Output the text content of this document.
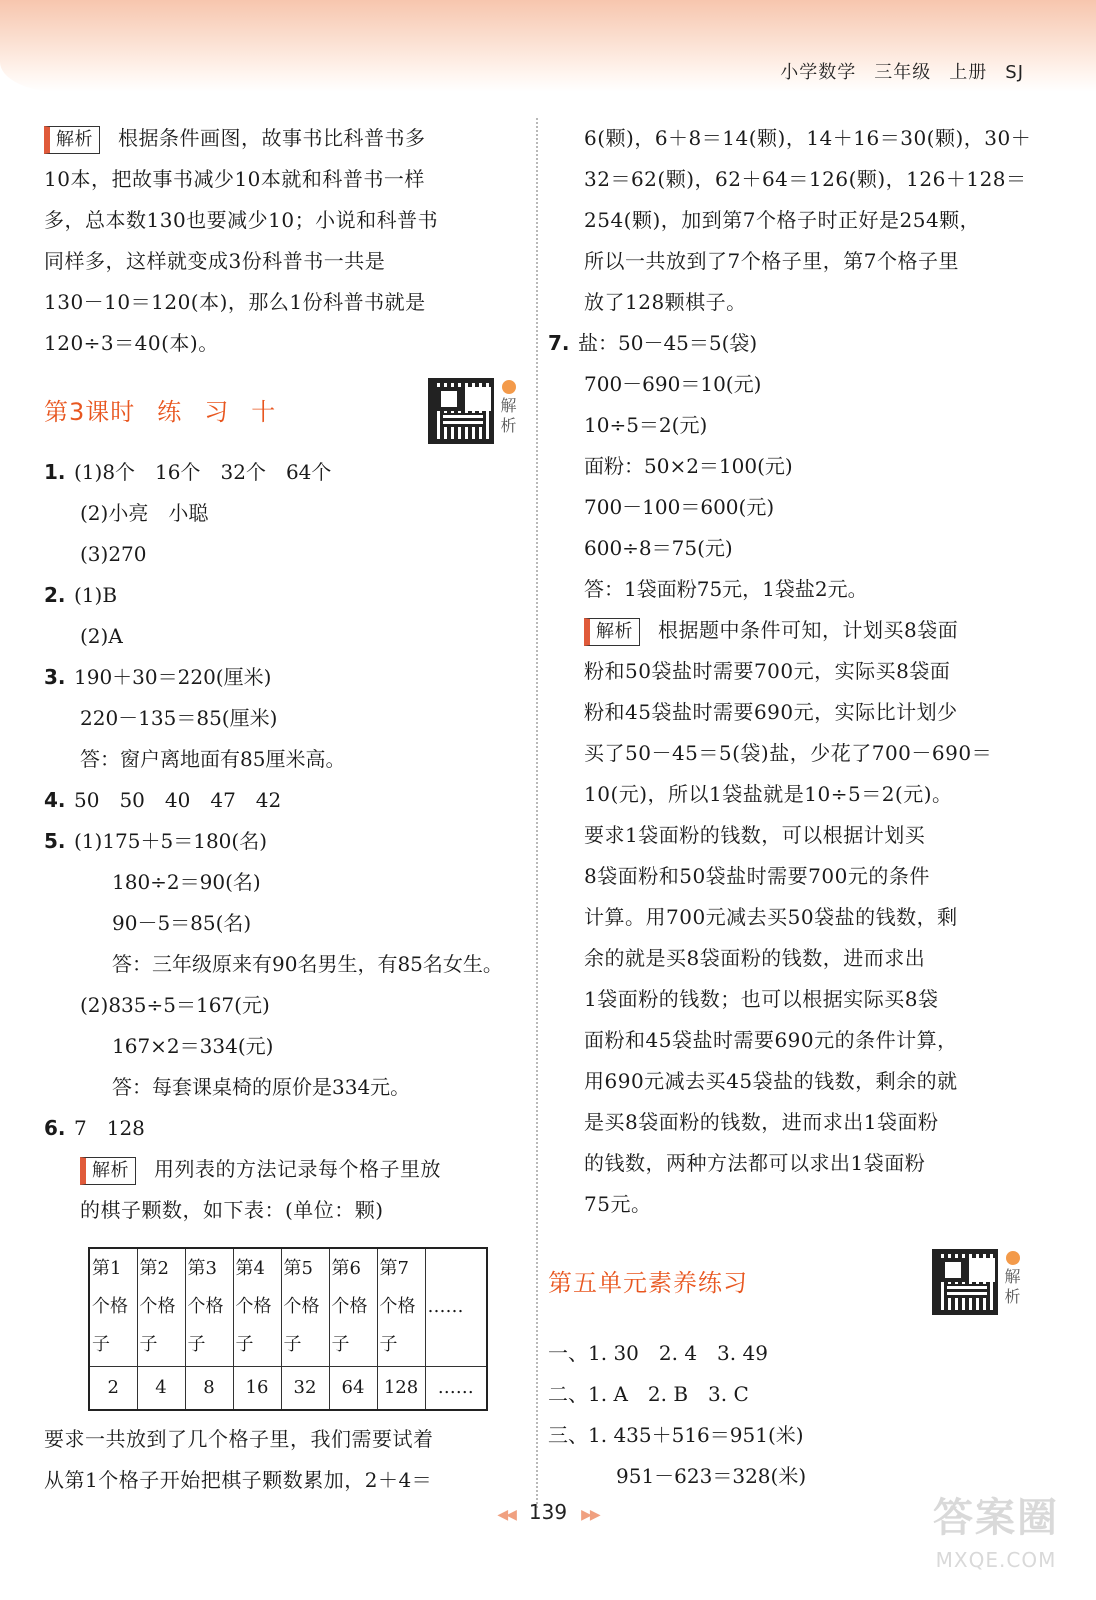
小学数学 三年级 上册 SJ
解析 根据条件画图，故事书比科普书多
10本，把故事书减少10本就和科普书一样
多，总本数130也要减少10；小说和科普书
同样多，这样就变成3份科普书一共是
130－10＝120(本)，那么1份科普书就是
120÷3＝40(本)。
第3课时 练 习 十	解
析
1. (1)8个　16个　32个　64个
(2)小亮　小聪
(3)270
2. (1)B
(2)A
3. 190＋30＝220(厘米)
220－135＝85(厘米)
答：窗户离地面有85厘米高。
4. 50　50　40　47　42
5. (1)175＋5＝180(名)
180÷2＝90(名)
90－5＝85(名)
答：三年级原来有90名男生，有85名女生。
(2)835÷5＝167(元)
167×2＝334(元)
答：每套课桌椅的原价是334元。
6. 7　128
解析 用列表的方法记录每个格子里放
的棋子颗数，如下表：(单位：颗)
第1
个格
子	第2
个格
子	第3
个格
子	第4
个格
子	第5
个格
子	第6
个格
子	第7
个格
子	……
2	4	8	16	32	64	128	……
要求一共放到了几个格子里，我们需要试着
从第1个格子开始把棋子颗数累加，2＋4＝
6(颗)，6＋8＝14(颗)，14＋16＝30(颗)，30＋
32＝62(颗)，62＋64＝126(颗)，126＋128＝
254(颗)，加到第7个格子时正好是254颗，
所以一共放到了7个格子里，第7个格子里
放了128颗棋子。
7. 盐：50－45＝5(袋)
700－690＝10(元)
10÷5＝2(元)
面粉：50×2＝100(元)
700－100＝600(元)
600÷8＝75(元)
答：1袋面粉75元，1袋盐2元。
解析 根据题中条件可知，计划买8袋面
粉和50袋盐时需要700元，实际买8袋面
粉和45袋盐时需要690元，实际比计划少
买了50－45＝5(袋)盐，少花了700－690＝
10(元)，所以1袋盐就是10÷5＝2(元)。
要求1袋面粉的钱数，可以根据计划买
8袋面粉和50袋盐时需要700元的条件
计算。用700元减去买50袋盐的钱数，剩
余的就是买8袋面粉的钱数，进而求出
1袋面粉的钱数；也可以根据实际买8袋
面粉和45袋盐时需要690元的条件计算，
用690元减去买45袋盐的钱数，剩余的就
是买8袋面粉的钱数，进而求出1袋面粉
的钱数，两种方法都可以求出1袋面粉
75元。
第五单元素养练习	解
析
一、1. 30　2. 4　3. 49
二、1. A　2. B　3. C
三、1. 435＋516＝951(米)
951－623＝328(米)
◀◀ 139 ▶▶	答案圈
MXQE.COM
